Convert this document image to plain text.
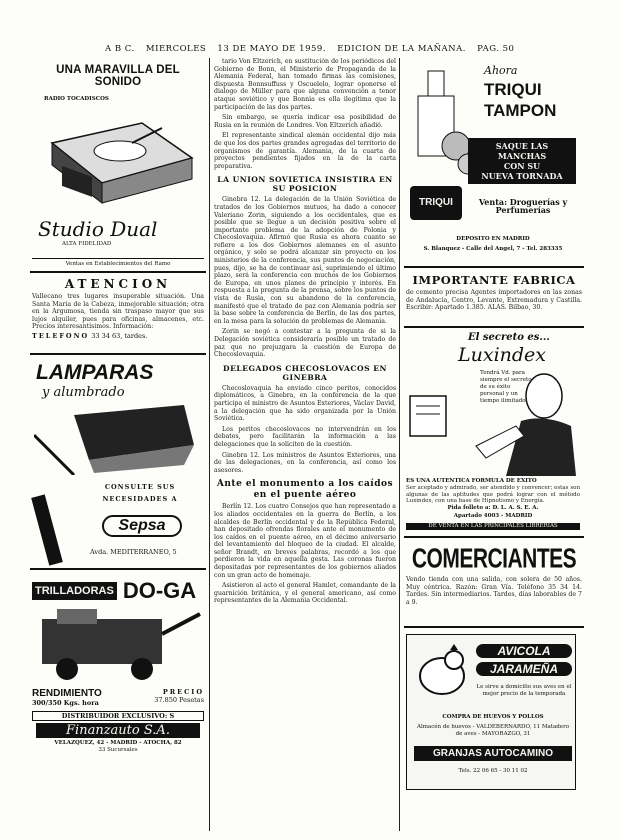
A B C. MIERCOLES 13 DE MAYO DE 1959. EDICION DE LA MAÑANA. PAG. 50
UNA MARAVILLA DEL SONIDO
RADIO TOCADISCOS
Studio Dual
ALTA FIDELIDAD
Ventas en Establecimientos del Ramo
ATENCION
Vallecano tres lugares insuperable situación. Una Santa María de la Cabeza, inmejorable situación; otra en la Argumosa, tienda sin traspaso mayor que sus lujos alquiler, pues para oficinas, almacenes, etc. Precios interesantísimos. Información:
TELEFONO 33 34 63, tardes.
LAMPARAS
y alumbrado
CONSULTE SUS
NECESIDADES A
Sepsa
Avda. MEDITERRANEO, 5
TRILLADORAS DO-GA
RENDIMIENTO
300/350 Kgs. hora
PRECIO
37.850 Pesetas
DISTRIBUIDOR EXCLUSIVO: S
Finanzauto S.A.
VELAZQUEZ, 42 - MADRID - ATOCHA, 82
33 Sucursales
tario Von Eltzerich, en sustitución de los periódicos del Gobierno de Bonn, el Ministerio de Propaganda de la Alemania Federal, han tomado firmas las comisiones, dispuesta Bonnsuffuss y Oscuelelo, lograr oponerse el dialogo de Müller para que alguna convención a tenor ataque soviético y que Bonnia es ella ilegítima que la participación de las dos partes.
Sin embargo, se quería indicar esa posibilidad de Rusia en la reunión de Londres. Von Eltzerich añadió.
El representante sindical alemán occidental dijo más de que los dos partes grandes agregadas del territorio de organismos de garantía. Alemania, de la cuarta de proyectos pendientes fijados en la de la carta preparativa.
LA UNION SOVIETICA INSISTIRA EN SU POSICION
Ginebra 12. La delegación de la Unión Soviética de tratados de los Gobiernos mutuos, ha dado a conocer Valeriano Zorin, siguiendo a los occidentales, que es posible que se llegue a un decisión positiva sobre el importante problema de la adopción de Polonia y Checoslovaquia. Afirmó que Rusia es ahora cuanto se refiere a los dos Gobiernos alemanes en el asunto orgánico, y solo se podrá alcanzar sin proyecto en los ministerios de la conferencia, sus puntos de negociación, pues, dijo, se ha de continuar así, suprimiendo el último plazo, será la conferencia con muchos de los Gobiernos de Europa, en unos planes de principio y interés. En respuesta a la pregunta de la prensa, sobre los puntos de vista de Rusia, con su abandono de la conferencia, manifestó que el tratado de paz con Alemania podría ser la base sobre la conferencia de Berlín, de las dos partes, en la mesa para la solución de problemas de Alemania.
Zorin se negó a contestar a la pregunta de si la Delegación soviética consideraría posible un tratado de paz que no prejuzgara la cuestión de Europa de Checoslovaquia.
DELEGADOS CHECOSLOVACOS EN GINEBRA
Checoslovaquia ha enviado cinco peritos, conocidos diplomáticos, a Ginebra, en la conferencia de la que participa el ministro de Asuntos Exteriores, Václav David, a la delegación que ha sido organizada por la Unión Soviética.
Los peritos checoslovacos no intervendrán en los debates, pero facilitarán la información a las delegaciones que la soliciten de la cuestión.
Ginebra 12. Los ministros de Asuntos Exteriores, una de las delegaciones, en la conferencia, así como los asesores.
Ante el monumento a los caídos
en el puente aéreo
Berlín 12. Los cuatro Consejos que han representado a los aliados occidentales en la guerra de Berlín, a los alcaldes de Berlín occidental y de la República Federal, han depositado ofrendas florales ante el monumento de los caídos en el puente aéreo, en el décimo aniversario del levantamiento del bloqueo de la ciudad. El alcalde, señor Brandt, en breves palabras, recordó a los que perdieron la vida en aquella gesta. Las coronas fueron depositadas por representantes de los gobiernos aliados con un gran acto de homenaje.
Asistieron al acto el general Hamlet, comandante de la guarnición británica, y el general americano, así como representantes de la Alemania Occidental.
Ahora
TRIQUI
TAMPON
SAQUE LAS
MANCHAS
CON SU
NUEVA TORNADA
TRIQUI	Venta: Droguerías y Perfumerías
DEPOSITO EN MADRID
S. Blanquez - Calle del Angel, 7 - Tel. 283335
IMPORTANTE FABRICA
de cemento precisa Agentes importadores en las zonas de Andalucía, Centro, Levante, Extremadura y Castilla. Escribir: Apartado 1.385. ALAS. Bilbao, 30.
El secreto es...
Luxindex
Tendrá Vd. para siempre el secreto de su éxito personal y un tiempo ilimitado
ES UNA AUTENTICA FORMULA DE EXITO
Ser aceptado y admirado, ser atendido y convencer; estas son algunas de las aptitudes que podrá lograr con el método Luxindex, con una base de Hipnotismo y Energía.
Pida folleto a: D. L. A. S. E. A.
Apartado 4003 - MADRID
DE VENTA EN LAS PRINCIPALES LIBRERIAS
COMERCIANTES
Vendo tienda con una salida, con solera de 50 años. Muy céntrica. Razón: Gran Vía. Teléfono 35 34 14. Tardes. Sin intermediarios. Tardes, días laborables de 7 a 9.
AVICOLA
JARAMEÑA
Le sirve a domicilio sus aves en el mejor precio de la temporada
COMPRA DE HUEVOS Y POLLOS
Almacén de huevos - VALDEBERNARDO, 11 Matadero de aves - MAYORAZGO, 31
GRANJAS AUTOCAMINO
Tels. 22 06 65 - 30 11 02
